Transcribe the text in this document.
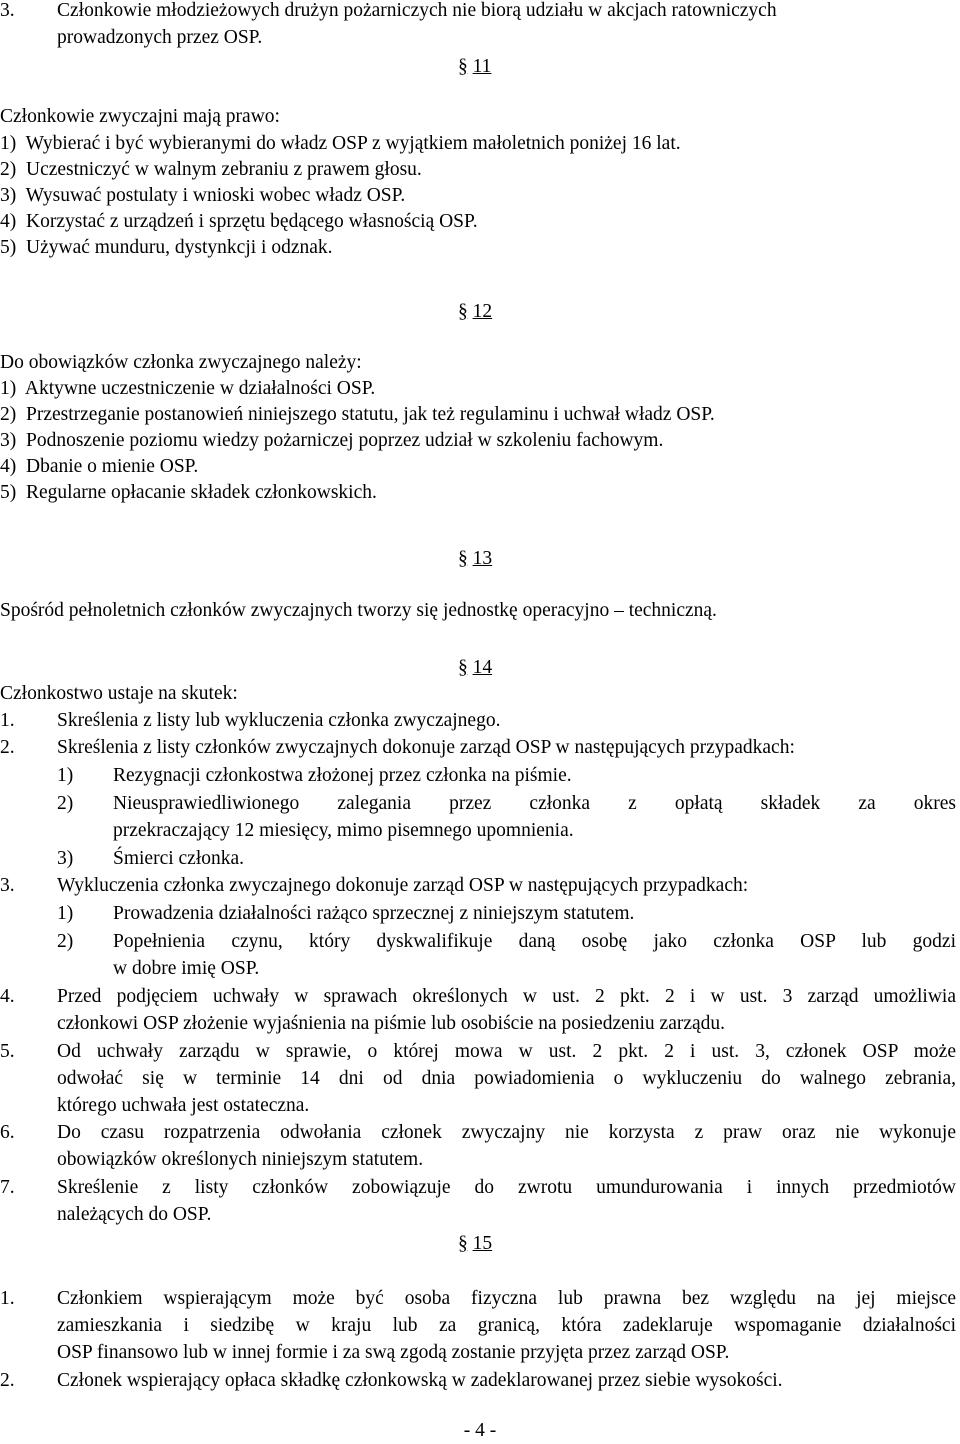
3. Członkowie młodzieżowych drużyn pożarniczych nie biorą udziału w akcjach ratowniczych
prowadzonych przez OSP.
§ 11
Członkowie zwyczajni mają prawo:
1)  Wybierać i być wybieranymi do władz OSP z wyjątkiem małoletnich poniżej 16 lat.
2)  Uczestniczyć w walnym zebraniu z prawem głosu.
3)  Wysuwać postulaty i wnioski wobec władz OSP.
4)  Korzystać z urządzeń i sprzętu będącego własnością OSP.
5)  Używać munduru, dystynkcji i odznak.
§ 12
Do obowiązków członka zwyczajnego należy:
1)  Aktywne uczestniczenie w działalności OSP.
2)  Przestrzeganie postanowień niniejszego statutu, jak też regulaminu i uchwał władz OSP.
3)  Podnoszenie poziomu wiedzy pożarniczej poprzez udział w szkoleniu fachowym.
4)  Dbanie o mienie OSP.
5)  Regularne opłacanie składek członkowskich.
§ 13
Spośród pełnoletnich członków zwyczajnych tworzy się jednostkę operacyjno – techniczną.
§ 14
Członkostwo ustaje na skutek:
1. Skreślenia z listy lub wykluczenia członka zwyczajnego.
2. Skreślenia z listy członków zwyczajnych dokonuje zarząd OSP w następujących przypadkach:
1) Rezygnacji członkostwa złożonej przez członka na piśmie.
2) Nieusprawiedliwionego zalegania przez członka z opłatą składek za okres
przekraczający 12 miesięcy, mimo pisemnego upomnienia.
3) Śmierci członka.
3. Wykluczenia członka zwyczajnego dokonuje zarząd OSP w następujących przypadkach:
1) Prowadzenia działalności rażąco sprzecznej z niniejszym statutem.
2) Popełnienia czynu, który dyskwalifikuje daną osobę jako członka OSP lub godzi
w dobre imię OSP.
4. Przed podjęciem uchwały w sprawach określonych w ust. 2 pkt. 2 i w ust. 3 zarząd umożliwia
członkowi OSP złożenie wyjaśnienia na piśmie lub osobiście na posiedzeniu zarządu.
5. Od uchwały zarządu w sprawie, o której mowa w ust. 2 pkt. 2 i ust. 3, członek OSP może
odwołać się w terminie 14 dni od dnia powiadomienia o wykluczeniu do walnego zebrania,
którego uchwała jest ostateczna.
6. Do czasu rozpatrzenia odwołania członek zwyczajny nie korzysta z praw oraz nie wykonuje
obowiązków określonych niniejszym statutem.
7. Skreślenie z listy członków zobowiązuje do zwrotu umundurowania i innych przedmiotów
należących do OSP.
§ 15
1. Członkiem wspierającym może być osoba fizyczna lub prawna bez względu na jej miejsce
zamieszkania i siedzibę w kraju lub za granicą, która zadeklaruje wspomaganie działalności
OSP finansowo lub w innej formie i za swą zgodą zostanie przyjęta przez zarząd OSP.
2. Członek wspierający opłaca składkę członkowską w zadeklarowanej przez siebie wysokości.
- 4 -
